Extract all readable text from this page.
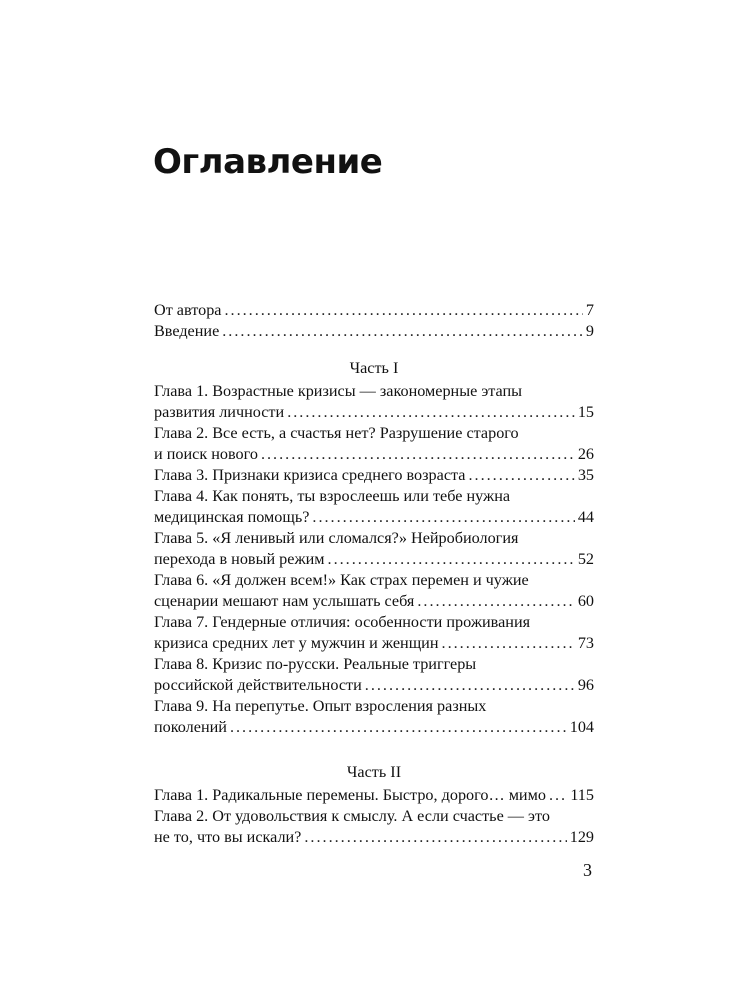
Оглавление
От автора .....	7
Введение .....	9
Часть I
Глава 1. Возрастные кризисы — закономерные этапы
развития личности .....	15
Глава 2. Все есть, а счастья нет? Разрушение старого
и поиск нового .....	26
Глава 3. Признаки кризиса среднего возраста .....	35
Глава 4. Как понять, ты взрослеешь или тебе нужна
медицинская помощь? .....	44
Глава 5. «Я ленивый или сломался?» Нейробиология
перехода в новый режим .....	52
Глава 6. «Я должен всем!» Как страх перемен и чужие
сценарии мешают нам услышать себя .....	60
Глава 7. Гендерные отличия: особенности проживания
кризиса средних лет у мужчин и женщин .....	73
Глава 8. Кризис по-русски. Реальные триггеры
российской действительности .....	96
Глава 9. На перепутье. Опыт взросления разных
поколений .....	104
Часть II
Глава 1. Радикальные перемены. Быстро, дорого… мимо ..... 115
Глава 2. От удовольствия к смыслу. А если счастье — это
не то, что вы искали? .....	129
3
